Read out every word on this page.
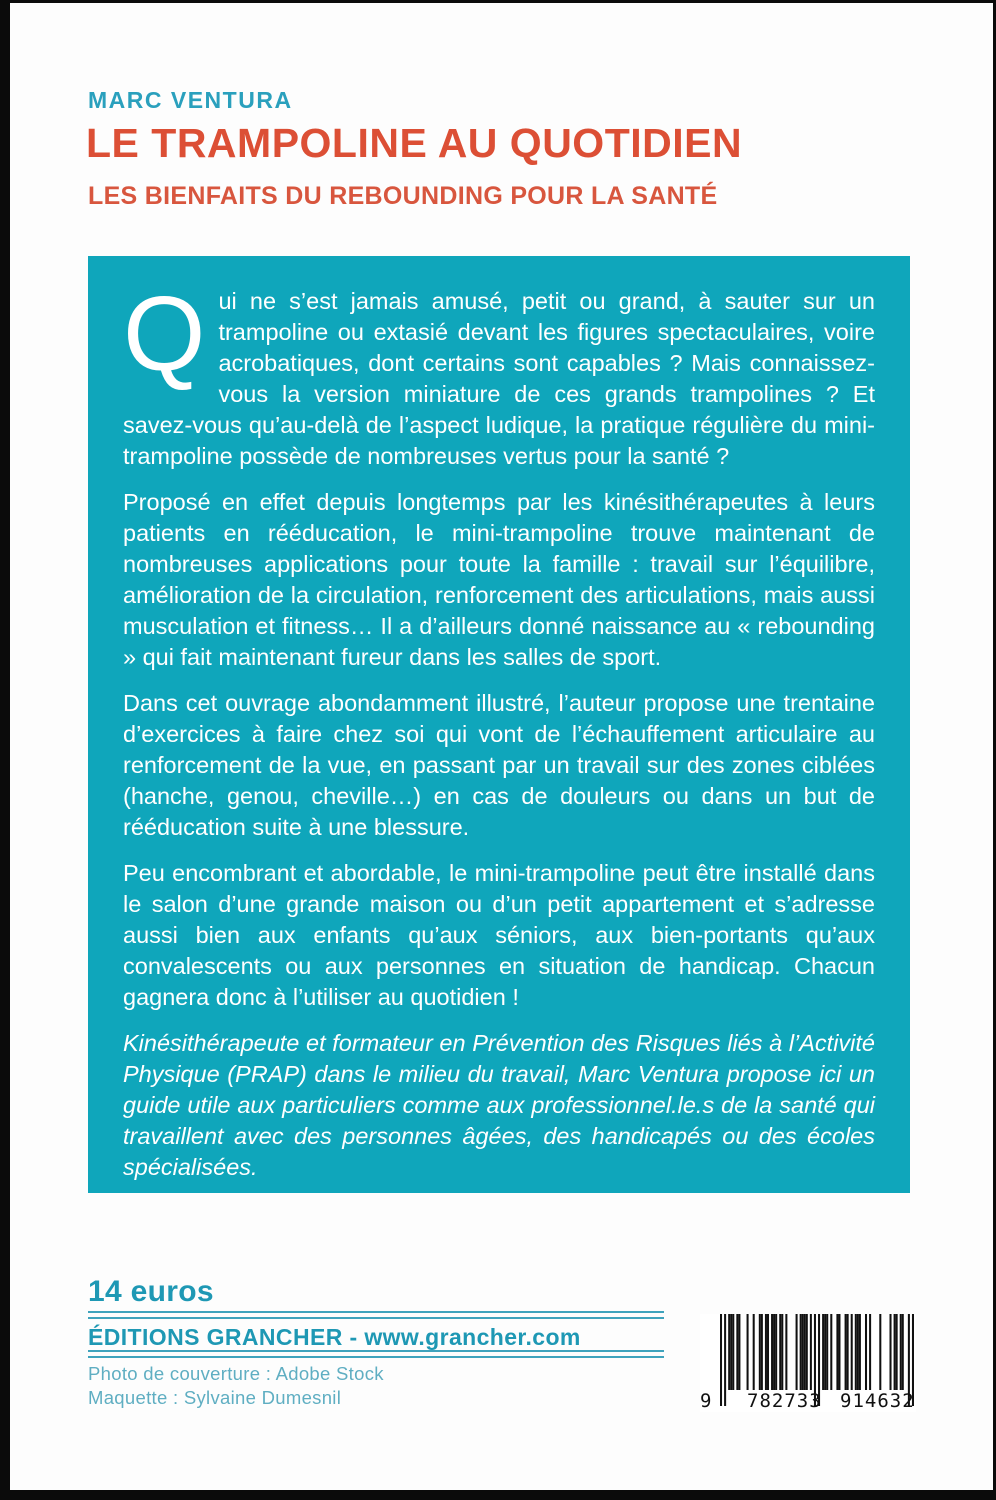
MARC VENTURA
LE TRAMPOLINE AU QUOTIDIEN
LES BIENFAITS DU REBOUNDING POUR LA SANTÉ

Qui ne s’est jamais amusé, petit ou grand, à sauter sur un trampoline ou extasié devant les figures spectaculaires, voire acrobatiques, dont certains sont capables ? Mais connaissez-vous la version miniature de ces grands trampolines ? Et savez-vous qu’au-delà de l’aspect ludique, la pratique régulière du mini-trampoline possède de nombreuses vertus pour la santé ?

Proposé en effet depuis longtemps par les kinésithérapeutes à leurs patients en rééducation, le mini-trampoline trouve maintenant de nombreuses applications pour toute la famille : travail sur l’équilibre, amélioration de la circulation, renforcement des articulations, mais aussi musculation et fitness… Il a d’ailleurs donné naissance au « rebounding » qui fait maintenant fureur dans les salles de sport.

Dans cet ouvrage abondamment illustré, l’auteur propose une trentaine d’exercices à faire chez soi qui vont de l’échauffement articulaire au renforcement de la vue, en passant par un travail sur des zones ciblées (hanche, genou, cheville…) en cas de douleurs ou dans un but de rééducation suite à une blessure.

Peu encombrant et abordable, le mini-trampoline peut être installé dans le salon d’une grande maison ou d’un petit appartement et s’adresse aussi bien aux enfants qu’aux séniors, aux bien-portants qu’aux convalescents ou aux personnes en situation de handicap. Chacun gagnera donc à l’utiliser au quotidien !

Kinésithérapeute et formateur en Prévention des Risques liés à l’Activité Physique (PRAP) dans le milieu du travail, Marc Ventura propose ici un guide utile aux particuliers comme aux professionnel.le.s de la santé qui travaillent avec des personnes âgées, des handicapés ou des écoles spécialisées.

14 euros
ÉDITIONS GRANCHER - www.grancher.com
Photo de couverture : Adobe Stock
Maquette : Sylvaine Dumesnil	9 782733 914632
